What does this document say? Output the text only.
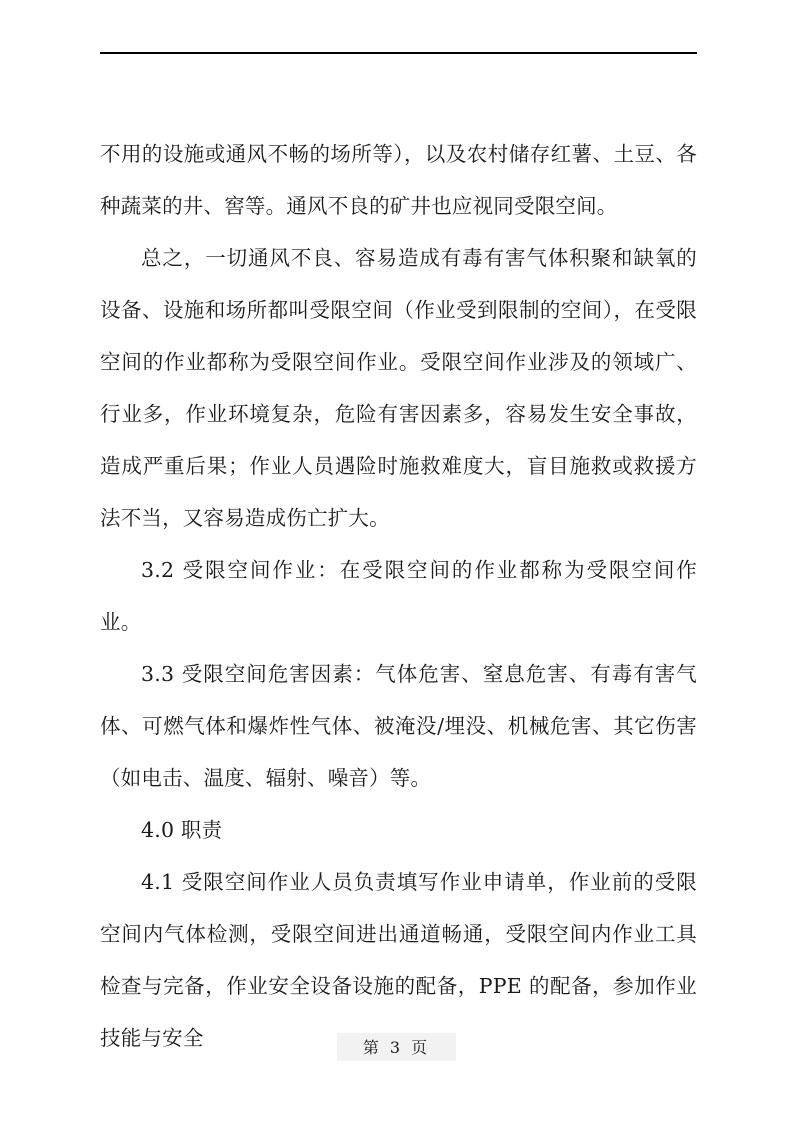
不用的设施或通风不畅的场所等），以及农村储存红薯、土豆、各种蔬菜的井、窖等。通风不良的矿井也应视同受限空间。

总之，一切通风不良、容易造成有毒有害气体积聚和缺氧的设备、设施和场所都叫受限空间（作业受到限制的空间），在受限空间的作业都称为受限空间作业。受限空间作业涉及的领域广、行业多，作业环境复杂，危险有害因素多，容易发生安全事故，造成严重后果；作业人员遇险时施救难度大，盲目施救或救援方法不当，又容易造成伤亡扩大。

3.2 受限空间作业：在受限空间的作业都称为受限空间作业。

3.3 受限空间危害因素：气体危害、窒息危害、有毒有害气体、可燃气体和爆炸性气体、被淹没/埋没、机械危害、其它伤害（如电击、温度、辐射、噪音）等。

4.0 职责

4.1 受限空间作业人员负责填写作业申请单，作业前的受限空间内气体检测，受限空间进出通道畅通，受限空间内作业工具检查与完备，作业安全设备设施的配备，PPE 的配备，参加作业技能与安全	第 3 页
